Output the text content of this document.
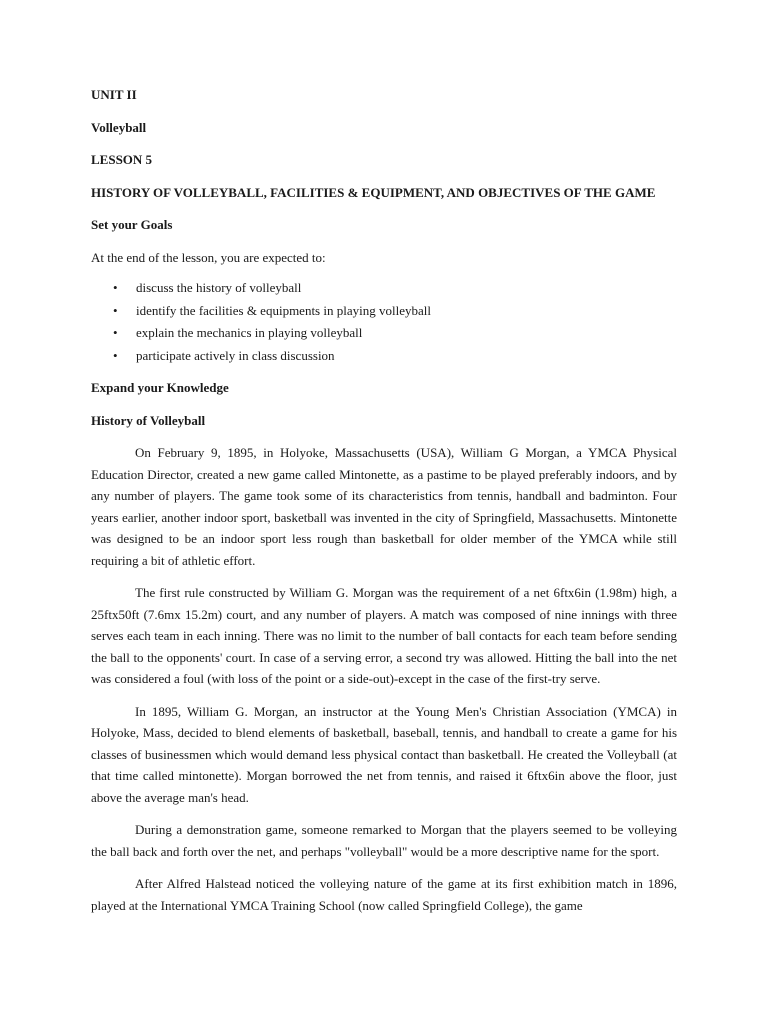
UNIT II
Volleyball
LESSON 5
HISTORY OF VOLLEYBALL, FACILITIES & EQUIPMENT, AND OBJECTIVES OF THE GAME
Set your Goals
At the end of the lesson, you are expected to:
• discuss the history of volleyball
• identify the facilities & equipments in playing volleyball
• explain the mechanics in playing volleyball
• participate actively in class discussion
Expand your Knowledge
History of Volleyball

On February 9, 1895, in Holyoke, Massachusetts (USA), William G Morgan, a YMCA Physical Education Director, created a new game called Mintonette, as a pastime to be played preferably indoors, and by any number of players. The game took some of its characteristics from tennis, handball and badminton. Four years earlier, another indoor sport, basketball was invented in the city of Springfield, Massachusetts. Mintonette was designed to be an indoor sport less rough than basketball for older member of the YMCA while still requiring a bit of athletic effort.

The first rule constructed by William G. Morgan was the requirement of a net 6ftx6in (1.98m) high, a 25ftx50ft (7.6mx 15.2m) court, and any number of players. A match was composed of nine innings with three serves each team in each inning. There was no limit to the number of ball contacts for each team before sending the ball to the opponents' court. In case of a serving error, a second try was allowed. Hitting the ball into the net was considered a foul (with loss of the point or a side-out)-except in the case of the first-try serve.

In 1895, William G. Morgan, an instructor at the Young Men's Christian Association (YMCA) in Holyoke, Mass, decided to blend elements of basketball, baseball, tennis, and handball to create a game for his classes of businessmen which would demand less physical contact than basketball. He created the Volleyball (at that time called mintonette). Morgan borrowed the net from tennis, and raised it 6ftx6in above the floor, just above the average man's head.

During a demonstration game, someone remarked to Morgan that the players seemed to be volleying the ball back and forth over the net, and perhaps "volleyball" would be a more descriptive name for the sport.

After Alfred Halstead noticed the volleying nature of the game at its first exhibition match in 1896, played at the International YMCA Training School (now called Springfield College), the game
